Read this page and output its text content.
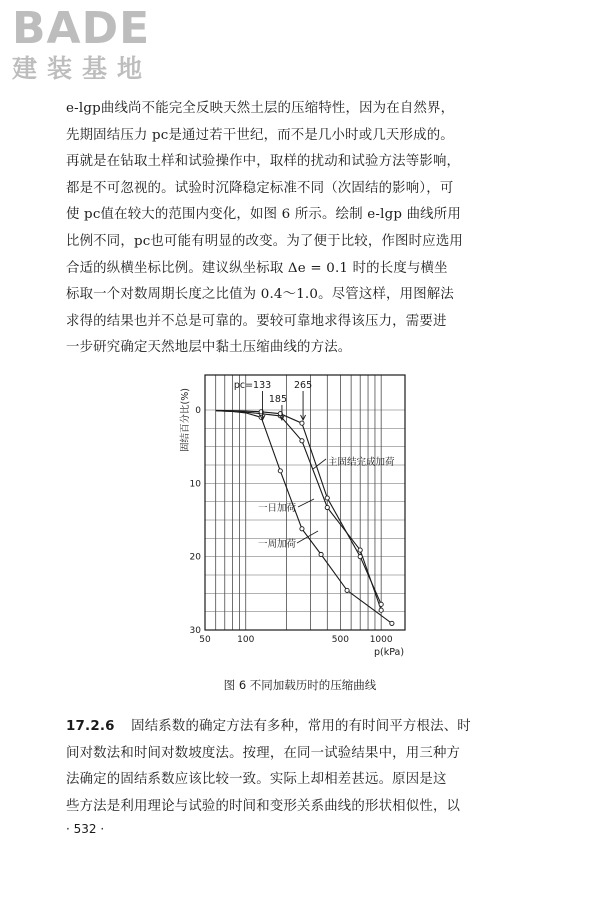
BADE
建装基地

e-lgp曲线尚不能完全反映天然土层的压缩特性，因为在自然界，

先期固结压力 pc是通过若干世纪，而不是几小时或几天形成的。

再就是在钻取土样和试验操作中，取样的扰动和试验方法等影响，

都是不可忽视的。试验时沉降稳定标准不同（次固结的影响），可

使 pc值在较大的范围内变化，如图 6 所示。绘制 e-lgp 曲线所用

比例不同，pc也可能有明显的改变。为了便于比较，作图时应选用

合适的纵横坐标比例。建议纵坐标取 Δe = 0.1 时的长度与横坐

标取一个对数周期长度之比值为 0.4～1.0。尽管这样，用图解法

求得的结果也并不总是可靠的。要较可靠地求得该压力，需要进

一步研究确定天然地层中黏土压缩曲线的方法。

50	100	500 1000
0
10
20
30
p(kPa)
固结百分比(%)
pc=133
185
265
主固结完成加荷
一日加荷
一周加荷
图 6 不同加载历时的压缩曲线
17.2.6 固结系数的确定方法有多种，常用的有时间平方根法、时
间对数法和时间对数坡度法。按理，在同一试验结果中，用三种方
法确定的固结系数应该比较一致。实际上却相差甚远。原因是这
些方法是利用理论与试验的时间和变形关系曲线的形状相似性，以
· 532 ·
